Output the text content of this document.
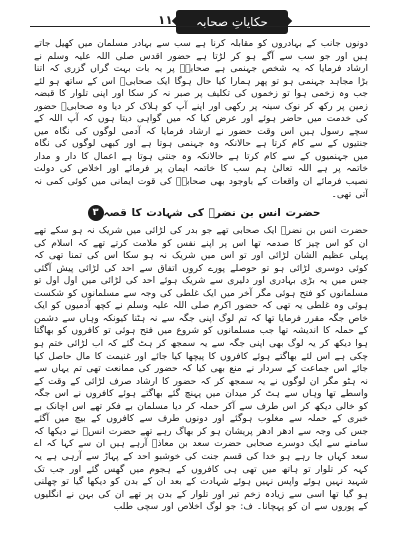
۱۱	حکایاتِ صحابہ

دونوں جانب کے بہادروں کو مقابلہ کرنا ہے سب سے بہادر مسلمان میں کھیل جاتے ہیں اور جو سب سے آگے ہو کر لڑتا ہے حضور اقدس صلی اللہ علیہ وسلم نے ارشاد فرمایا کہ یہ شخص جہنمی ہے صحابہؓ پر یہ بات بہت گراں گزری کہ اتنا بڑا مجاہد جہنمی ہو تو پھر ہمارا کیا حال ہوگا ایک صحابیؓ اس کے ساتھ ہو لئے جب وہ زخمی ہوا تو زخموں کی تکلیف پر صبر نہ کر سکا اور اپنی تلوار کا قبضہ زمین پر رکھ کر نوک سینہ پر رکھی اور اپنے آپ کو ہلاک کر دیا وہ صحابیؓ حضور کی خدمت میں حاضر ہوئے اور عرض کیا کہ میں گواہی دیتا ہوں کہ آپ اللہ کے سچے رسول ہیں اس وقت حضور نے ارشاد فرمایا کہ آدمی لوگوں کی نگاہ میں جنتیوں کے سے کام کرتا ہے حالانکہ وہ جہنمی ہوتا ہے اور کبھی لوگوں کی نگاہ میں جہنمیوں کے سے کام کرتا ہے حالانکہ وہ جنتی ہوتا ہے اعمال کا دار و مدار خاتمہ پر ہے اللہ تعالیٰ ہم سب کا خاتمہ ایمان پر فرمائے اور اخلاص کی دولت نصیب فرمائے ان واقعات کے باوجود بھی صحابہؓ کی قوت ایمانی میں کوئی کمی نہ آتی تھی۔

۳ حضرت انس بن نضرؓ کی شہادت کا قصہ

حضرت انس بن نضرؓ ایک صحابی تھے جو بدر کی لڑائی میں شریک نہ ہو سکے تھے ان کو اس چیز کا صدمہ تھا اس پر اپنے نفس کو ملامت کرتے تھے کہ اسلام کی پہلی عظیم الشان لڑائی اور تو اس میں شریک نہ ہو سکا اس کی تمنا تھی کہ کوئی دوسری لڑائی ہو تو حوصلے پورے کروں اتفاق سے احد کی لڑائی پیش آگئی جس میں یہ بڑی بہادری اور دلیری سے شریک ہوئے احد کی لڑائی میں اول اول تو مسلمانوں کو فتح ہوئی مگر آخر میں ایک غلطی کی وجہ سے مسلمانوں کو شکست ہوئی وہ غلطی یہ تھی کہ حضور اکرم صلی اللہ علیہ وسلم نے کچھ آدمیوں کو ایک خاص جگہ مقرر فرمایا تھا کہ تم لوگ اپنی جگہ سے نہ ہٹنا کیونکہ وہاں سے دشمن کے حملہ کا اندیشہ تھا جب مسلمانوں کو شروع میں فتح ہوئی تو کافروں کو بھاگتا ہوا دیکھ کر یہ لوگ بھی اپنی جگہ سے یہ سمجھ کر ہٹ گئے کہ اب لڑائی ختم ہو چکی ہے اس لئے بھاگتے ہوئے کافروں کا پیچھا کیا جائے اور غنیمت کا مال حاصل کیا جائے اس جماعت کے سردار نے منع بھی کیا کہ حضور کی ممانعت تھی تم یہاں سے نہ ہٹو مگر ان لوگوں نے یہ سمجھ کر کہ حضور کا ارشاد صرف لڑائی کے وقت کے واسطے تھا وہاں سے ہٹ کر میدان میں پہنچ گئے بھاگتے ہوئے کافروں نے اس جگہ کو خالی دیکھ کر اس طرف سے آکر حملہ کر دیا مسلمان بے فکر تھے اس اچانک بے خبری کے حملہ سے مغلوب ہوگئے اور دونوں طرف سے کافروں کے بیچ میں آگئے جس کی وجہ سے ادھر ادھر پریشان ہو کر بھاگ رہے تھے حضرت انسؓ نے دیکھا کہ سامنے سے ایک دوسرے صحابی حضرت سعد بن معاذؓ آرہے ہیں ان سے کہا کہ اے سعد کہاں جا رہے ہو خدا کی قسم جنت کی خوشبو احد کے پہاڑ سے آرہی ہے یہ کہہ کر تلوار تو ہاتھ میں تھی ہی کافروں کے ہجوم میں گھس گئے اور جب تک شہید نہیں ہوئے واپس نہیں ہوئے شہادت کے بعد ان کے بدن کو دیکھا گیا تو چھلنی ہو گیا تھا اسی سے زیادہ زخم تیر اور تلوار کے بدن پر تھے ان کی بہن نے انگلیوں کے پوروں سے ان کو پہچانا۔ ف: جو لوگ اخلاص اور سچی طلب
